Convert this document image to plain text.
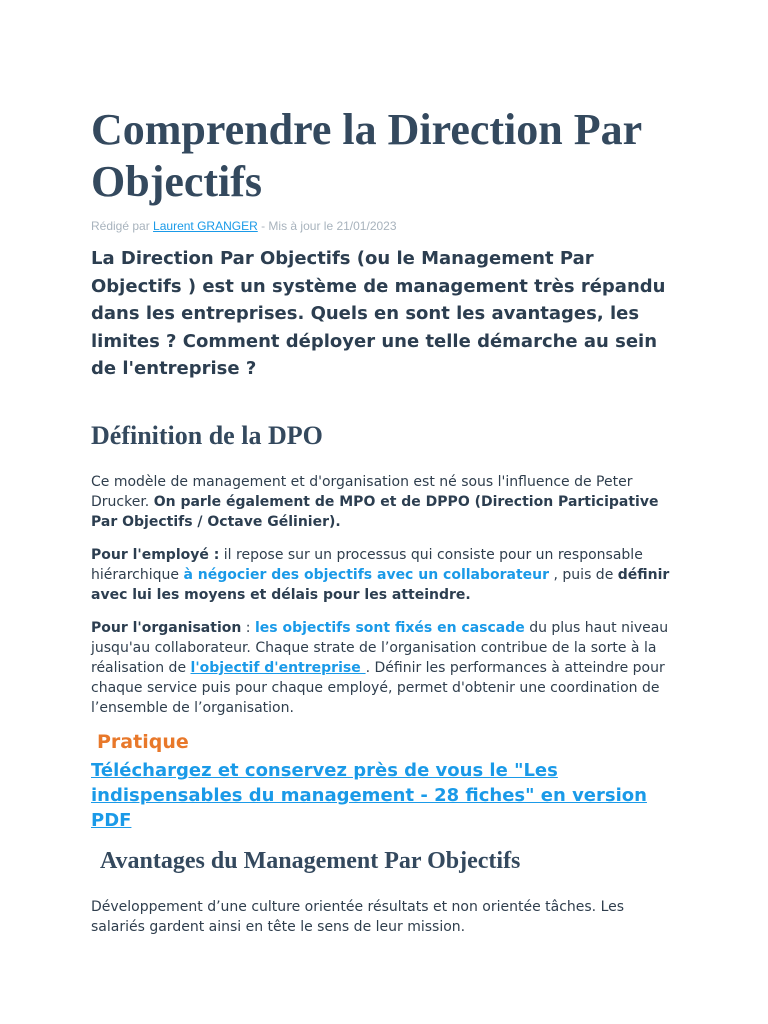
Comprendre la Direction Par Objectifs
Rédigé par Laurent GRANGER - Mis à jour le 21/01/2023

La Direction Par Objectifs (ou le Management Par Objectifs ) est un système de management très répandu dans les entreprises. Quels en sont les avantages, les limites ? Comment déployer une telle démarche au sein de l'entreprise ?

Définition de la DPO

Ce modèle de management et d'organisation est né sous l'influence de Peter Drucker. On parle également de MPO et de DPPO (Direction Participative Par Objectifs / Octave Gélinier).

Pour l'employé : il repose sur un processus qui consiste pour un responsable hiérarchique à négocier des objectifs avec un collaborateur , puis de définir avec lui les moyens et délais pour les atteindre.

Pour l'organisation : les objectifs sont fixés en cascade du plus haut niveau jusqu'au collaborateur. Chaque strate de l’organisation contribue de la sorte à la réalisation de l'objectif d'entreprise . Définir les performances à atteindre pour chaque service puis pour chaque employé, permet d'obtenir une coordination de l’ensemble de l’organisation.

Pratique
Téléchargez et conservez près de vous le "Les indispensables du management - 28 fiches" en version PDF
Avantages du Management Par Objectifs

Développement d’une culture orientée résultats et non orientée tâches. Les salariés gardent ainsi en tête le sens de leur mission.
